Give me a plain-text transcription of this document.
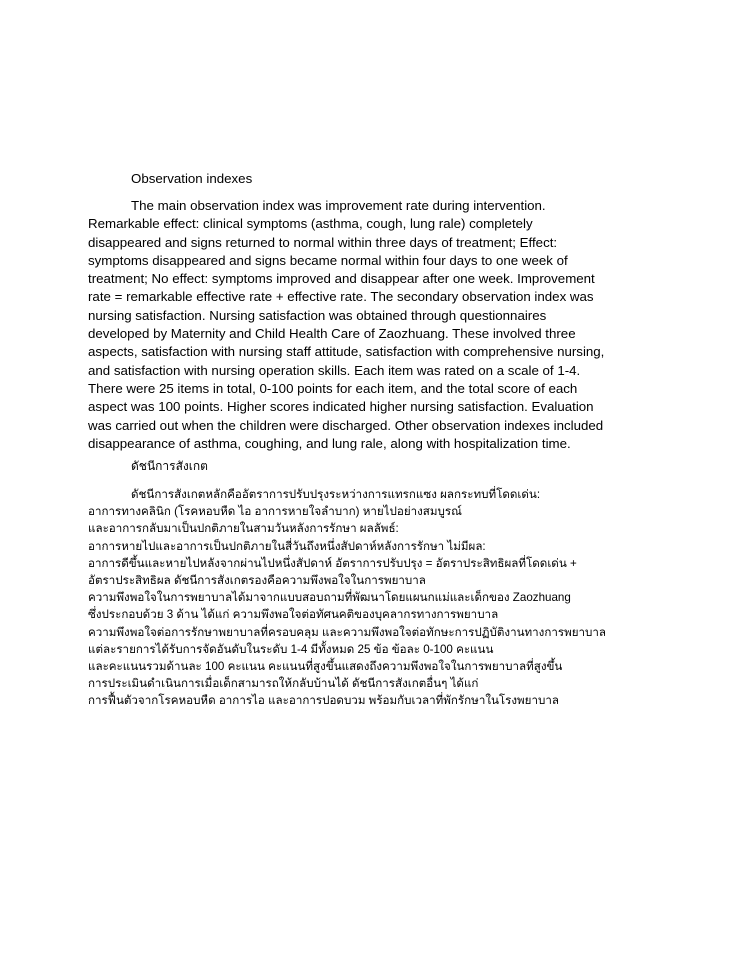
Observation indexes
The main observation index was improvement rate during intervention.
Remarkable effect: clinical symptoms (asthma, cough, lung rale) completely
disappeared and signs returned to normal within three days of treatment; Effect:
symptoms disappeared and signs became normal within four days to one week of
treatment; No effect: symptoms improved and disappear after one week. Improvement
rate = remarkable effective rate + effective rate. The secondary observation index was
nursing satisfaction. Nursing satisfaction was obtained through questionnaires
developed by Maternity and Child Health Care of Zaozhuang. These involved three
aspects, satisfaction with nursing staff attitude, satisfaction with comprehensive nursing,
and satisfaction with nursing operation skills. Each item was rated on a scale of 1-4.
There were 25 items in total, 0-100 points for each item, and the total score of each
aspect was 100 points. Higher scores indicated higher nursing satisfaction. Evaluation
was carried out when the children were discharged. Other observation indexes included
disappearance of asthma, coughing, and lung rale, along with hospitalization time.
ดัชนีการสังเกต
ดัชนีการสังเกตหลักคืออัตราการปรับปรุงระหว่างการแทรกแซง ผลกระทบที่โดดเด่น:
อาการทางคลินิก (โรคหอบหืด ไอ อาการหายใจลำบาก) หายไปอย่างสมบูรณ์
และอาการกลับมาเป็นปกติภายในสามวันหลังการรักษา ผลลัพธ์:
อาการหายไปและอาการเป็นปกติภายในสี่วันถึงหนึ่งสัปดาห์หลังการรักษา ไม่มีผล:
อาการดีขึ้นและหายไปหลังจากผ่านไปหนึ่งสัปดาห์ อัตราการปรับปรุง = อัตราประสิทธิผลที่โดดเด่น +
อัตราประสิทธิผล ดัชนีการสังเกตรองคือความพึงพอใจในการพยาบาล
ความพึงพอใจในการพยาบาลได้มาจากแบบสอบถามที่พัฒนาโดยแผนกแม่และเด็กของ Zaozhuang
ซึ่งประกอบด้วย 3 ด้าน ได้แก่ ความพึงพอใจต่อทัศนคติของบุคลากรทางการพยาบาล
ความพึงพอใจต่อการรักษาพยาบาลที่ครอบคลุม และความพึงพอใจต่อทักษะการปฏิบัติงานทางการพยาบาล
แต่ละรายการได้รับการจัดอันดับในระดับ 1-4 มีทั้งหมด 25 ข้อ ข้อละ 0-100 คะแนน
และคะแนนรวมด้านละ 100 คะแนน คะแนนที่สูงขึ้นแสดงถึงความพึงพอใจในการพยาบาลที่สูงขึ้น
การประเมินดำเนินการเมื่อเด็กสามารถให้กลับบ้านได้ ดัชนีการสังเกตอื่นๆ ได้แก่
การฟื้นตัวจากโรคหอบหืด อาการไอ และอาการปอดบวม พร้อมกับเวลาที่พักรักษาในโรงพยาบาล
